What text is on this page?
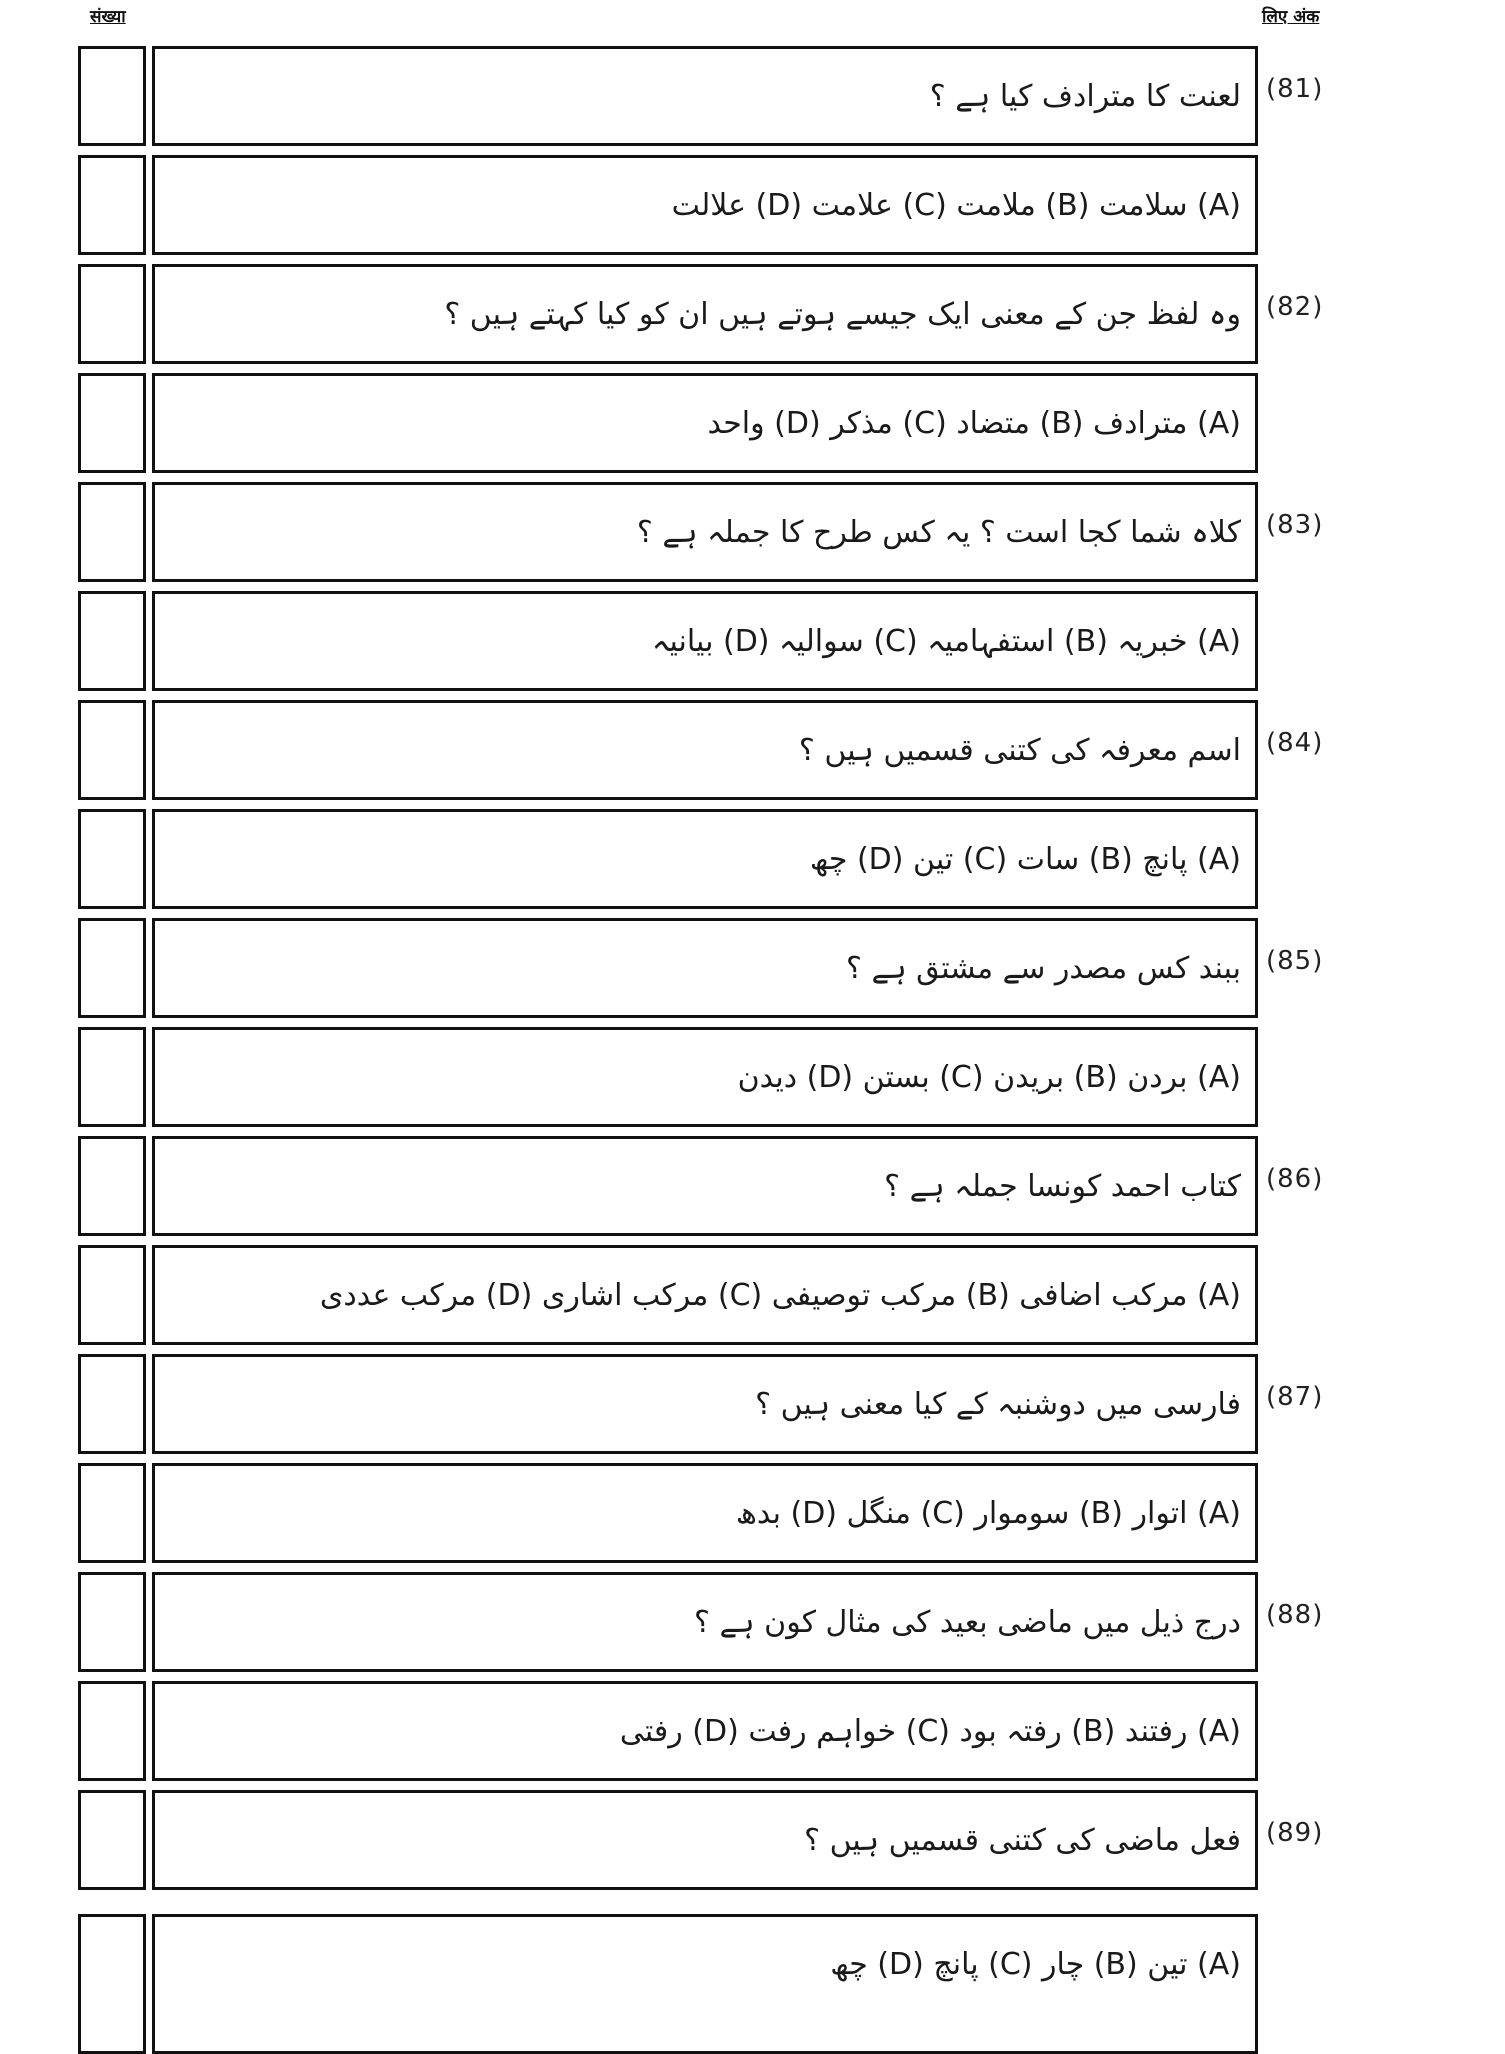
संख्या	लिए अंक
لعنت کا مترادف کیا ہے ؟ (81)
(A) سلامت (B) ملامت (C) علامت (D) علالت
وہ لفظ جن کے معنی ایک جیسے ہوتے ہیں ان کو کیا کہتے ہیں ؟ (82)
(A) مترادف (B) متضاد (C) مذکر (D) واحد
کلاہ شما کجا است ؟ یہ کس طرح کا جملہ ہے ؟ (83)
(A) خبریہ (B) استفہامیہ (C) سوالیہ (D) بیانیہ
اسم معرفہ کی کتنی قسمیں ہیں ؟ (84)
(A) پانچ (B) سات (C) تین (D) چھ
ببند کس مصدر سے مشتق ہے ؟ (85)
(A) بردن (B) بریدن (C) بستن (D) دیدن
کتاب احمد کونسا جملہ ہے ؟ (86)
(A) مرکب اضافی (B) مرکب توصیفی (C) مرکب اشاری (D) مرکب عددی
فارسی میں دوشنبہ کے کیا معنی ہیں ؟ (87)
(A) اتوار (B) سوموار (C) منگل (D) بدھ
درج ذیل میں ماضی بعید کی مثال کون ہے ؟ (88)
(A) رفتند (B) رفتہ بود (C) خواہم رفت (D) رفتی
فعل ماضی کی کتنی قسمیں ہیں ؟ (89)
(A) تین (B) چار (C) پانچ (D) چھ
